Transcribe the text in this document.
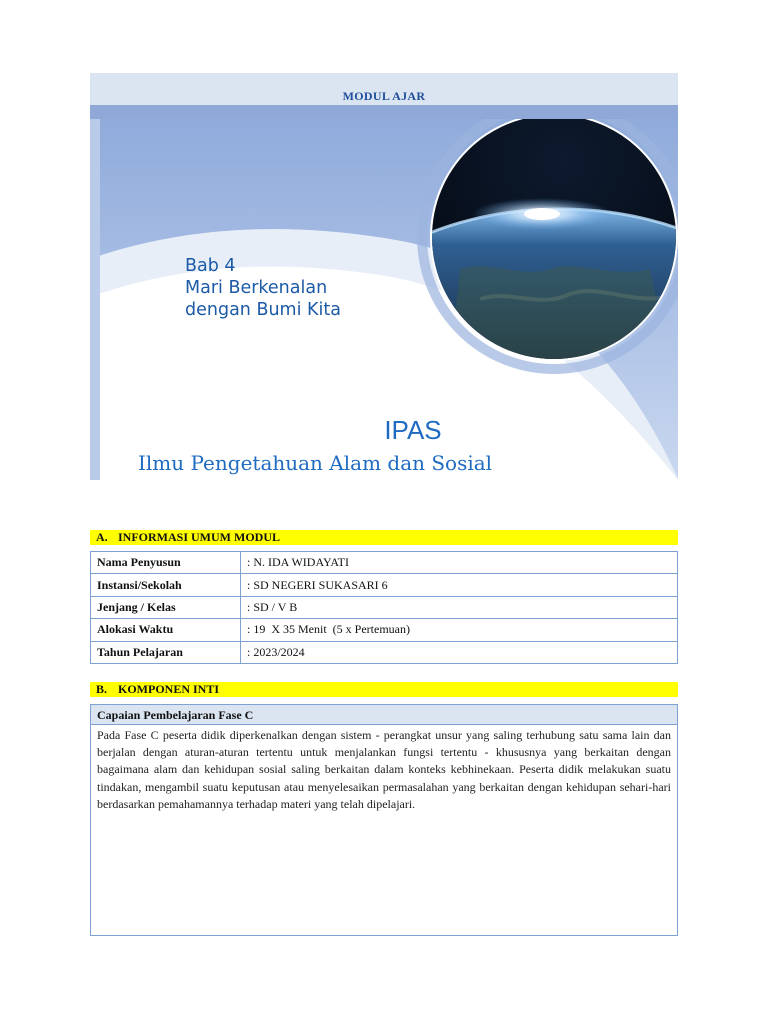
MODUL AJAR
Bab 4
Mari Berkenalan
dengan Bumi Kita
IPAS
Ilmu Pengetahuan Alam dan Sosial
A. INFORMASI UMUM MODUL
Nama Penyusun	: N. IDA WIDAYATI
Instansi/Sekolah	: SD NEGERI SUKASARI 6
Jenjang / Kelas	: SD / V B
Alokasi Waktu	: 19  X 35 Menit  (5 x Pertemuan)
Tahun Pelajaran	: 2023/2024
B. KOMPONEN INTI
Capaian Pembelajaran Fase C
Pada Fase C peserta didik diperkenalkan dengan sistem - perangkat unsur yang saling terhubung satu sama lain dan berjalan dengan aturan-aturan tertentu untuk menjalankan fungsi tertentu - khususnya yang berkaitan dengan bagaimana alam dan kehidupan sosial saling berkaitan dalam konteks kebhinekaan. Peserta didik melakukan suatu tindakan, mengambil suatu keputusan atau menyelesaikan permasalahan yang berkaitan dengan kehidupan sehari-hari berdasarkan pemahamannya terhadap materi yang telah dipelajari.
